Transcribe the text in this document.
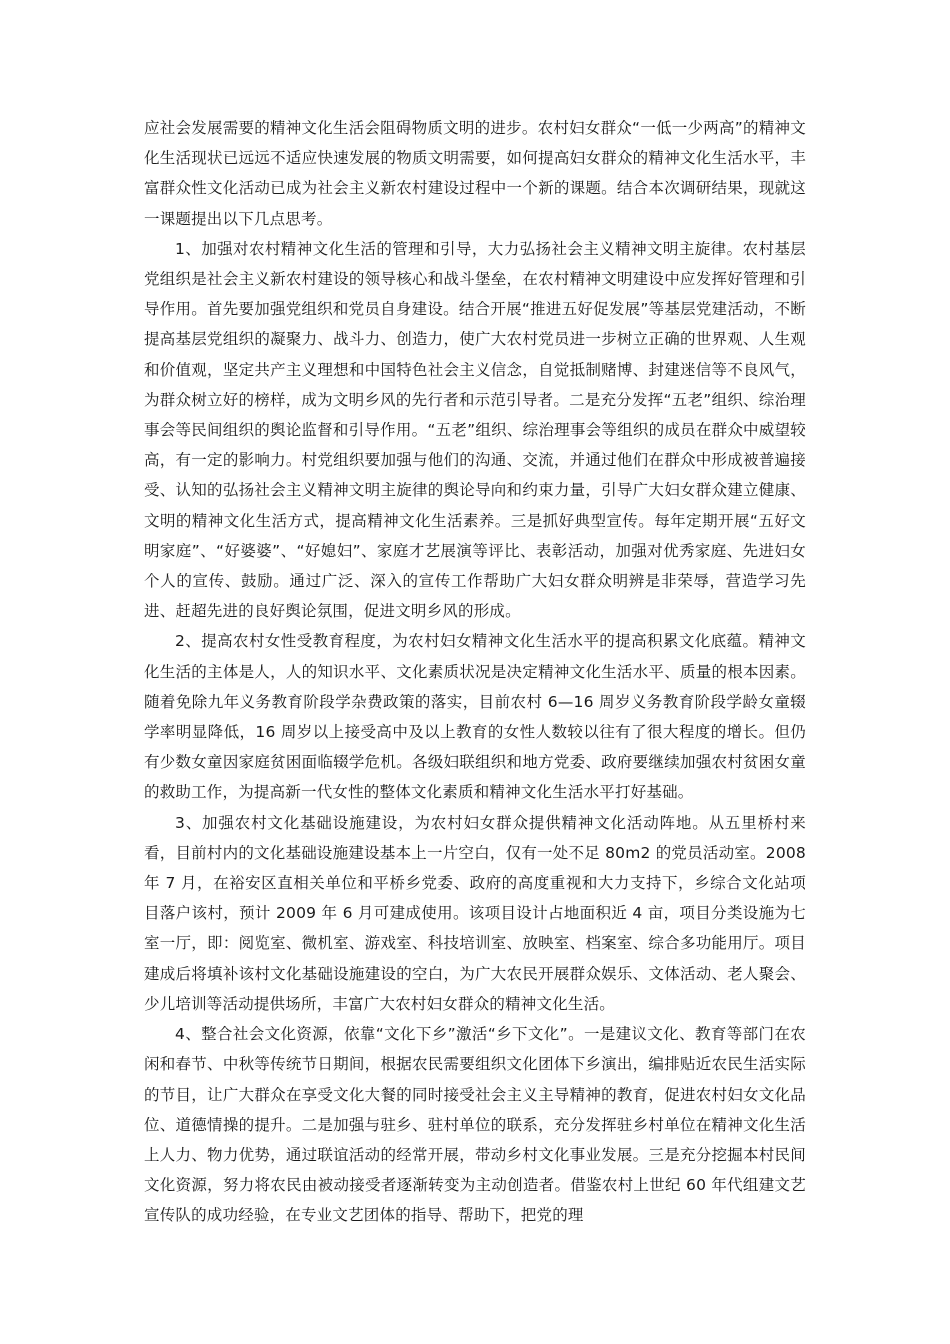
应社会发展需要的精神文化生活会阻碍物质文明的进步。农村妇女群众“一低一少两高”的精神文化生活现状已远远不适应快速发展的物质文明需要，如何提高妇女群众的精神文化生活水平，丰富群众性文化活动已成为社会主义新农村建设过程中一个新的课题。结合本次调研结果，现就这一课题提出以下几点思考。

1、加强对农村精神文化生活的管理和引导，大力弘扬社会主义精神文明主旋律。农村基层党组织是社会主义新农村建设的领导核心和战斗堡垒，在农村精神文明建设中应发挥好管理和引导作用。首先要加强党组织和党员自身建设。结合开展“推进五好促发展”等基层党建活动，不断提高基层党组织的凝聚力、战斗力、创造力，使广大农村党员进一步树立正确的世界观、人生观和价值观，坚定共产主义理想和中国特色社会主义信念，自觉抵制赌博、封建迷信等不良风气，为群众树立好的榜样，成为文明乡风的先行者和示范引导者。二是充分发挥“五老”组织、综治理事会等民间组织的舆论监督和引导作用。“五老”组织、综治理事会等组织的成员在群众中威望较高，有一定的影响力。村党组织要加强与他们的沟通、交流，并通过他们在群众中形成被普遍接受、认知的弘扬社会主义精神文明主旋律的舆论导向和约束力量，引导广大妇女群众建立健康、文明的精神文化生活方式，提高精神文化生活素养。三是抓好典型宣传。每年定期开展“五好文明家庭”、“好婆婆”、“好媳妇”、家庭才艺展演等评比、表彰活动，加强对优秀家庭、先进妇女个人的宣传、鼓励。通过广泛、深入的宣传工作帮助广大妇女群众明辨是非荣辱，营造学习先进、赶超先进的良好舆论氛围，促进文明乡风的形成。

2、提高农村女性受教育程度，为农村妇女精神文化生活水平的提高积累文化底蕴。精神文化生活的主体是人，人的知识水平、文化素质状况是决定精神文化生活水平、质量的根本因素。随着免除九年义务教育阶段学杂费政策的落实，目前农村 6—16 周岁义务教育阶段学龄女童辍学率明显降低，16 周岁以上接受高中及以上教育的女性人数较以往有了很大程度的增长。但仍有少数女童因家庭贫困面临辍学危机。各级妇联组织和地方党委、政府要继续加强农村贫困女童的救助工作，为提高新一代女性的整体文化素质和精神文化生活水平打好基础。

3、加强农村文化基础设施建设，为农村妇女群众提供精神文化活动阵地。从五里桥村来看，目前村内的文化基础设施建设基本上一片空白，仅有一处不足 80m2 的党员活动室。2008 年 7 月，在裕安区直相关单位和平桥乡党委、政府的高度重视和大力支持下，乡综合文化站项目落户该村，预计 2009 年 6 月可建成使用。该项目设计占地面积近 4 亩，项目分类设施为七室一厅，即：阅览室、微机室、游戏室、科技培训室、放映室、档案室、综合多功能用厅。项目建成后将填补该村文化基础设施建设的空白，为广大农民开展群众娱乐、文体活动、老人聚会、少儿培训等活动提供场所，丰富广大农村妇女群众的精神文化生活。

4、整合社会文化资源，依靠“文化下乡”激活“乡下文化”。一是建议文化、教育等部门在农闲和春节、中秋等传统节日期间，根据农民需要组织文化团体下乡演出，编排贴近农民生活实际的节目，让广大群众在享受文化大餐的同时接受社会主义主导精神的教育，促进农村妇女文化品位、道德情操的提升。二是加强与驻乡、驻村单位的联系，充分发挥驻乡村单位在精神文化生活上人力、物力优势，通过联谊活动的经常开展，带动乡村文化事业发展。三是充分挖掘本村民间文化资源，努力将农民由被动接受者逐渐转变为主动创造者。借鉴农村上世纪 60 年代组建文艺宣传队的成功经验，在专业文艺团体的指导、帮助下，把党的理
